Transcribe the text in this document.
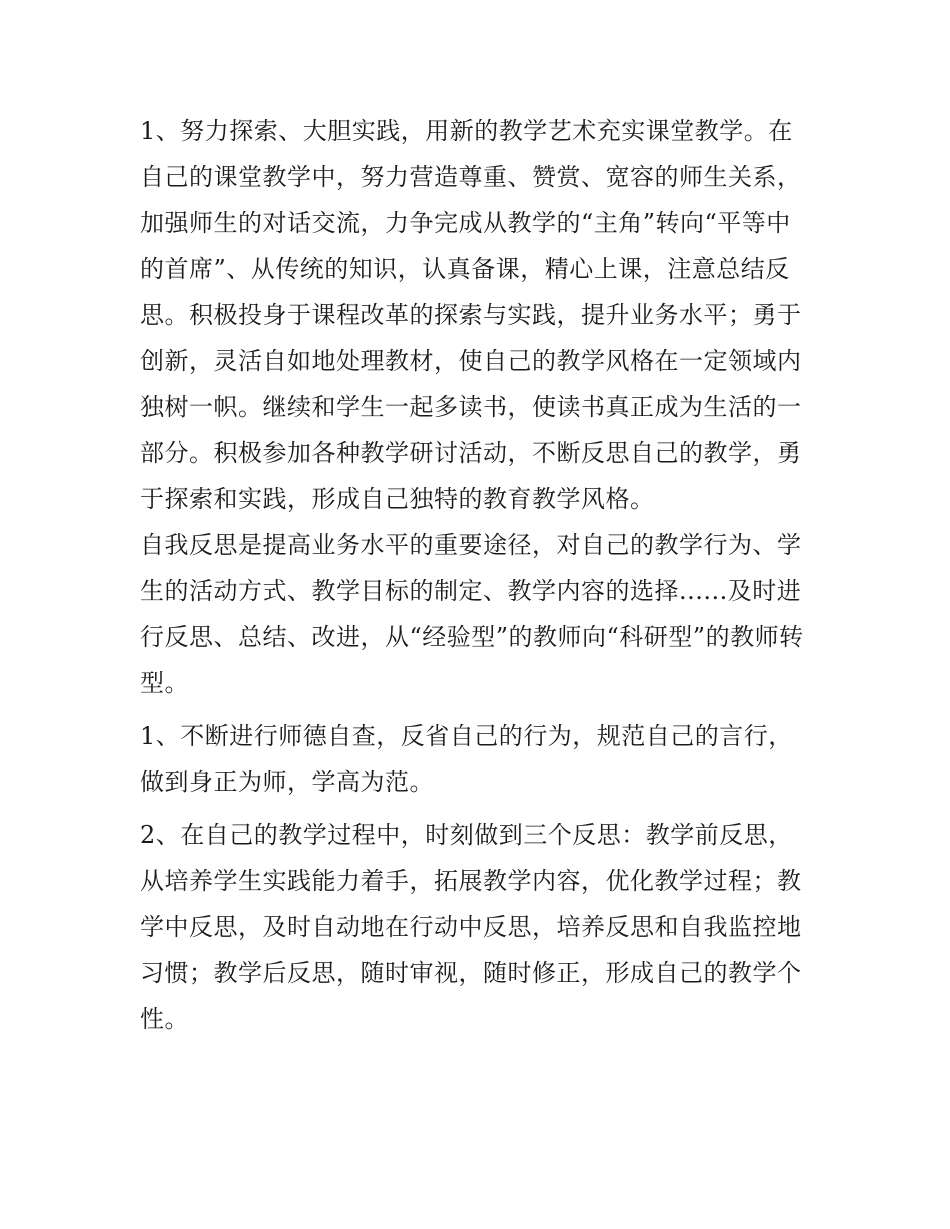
1、努力探索、大胆实践，用新的教学艺术充实课堂教学。在
自己的课堂教学中，努力营造尊重、赞赏、宽容的师生关系，
加强师生的对话交流，力争完成从教学的“主角”转向“平等中
的首席”、从传统的知识，认真备课，精心上课，注意总结反
思。积极投身于课程改革的探索与实践，提升业务水平；勇于
创新，灵活自如地处理教材，使自己的教学风格在一定领域内
独树一帜。继续和学生一起多读书，使读书真正成为生活的一
部分。积极参加各种教学研讨活动，不断反思自己的教学，勇
于探索和实践，形成自己独特的教育教学风格。
自我反思是提高业务水平的重要途径，对自己的教学行为、学
生的活动方式、教学目标的制定、教学内容的选择......及时进
行反思、总结、改进，从“经验型”的教师向“科研型”的教师转
型。
1、不断进行师德自查，反省自己的行为，规范自己的言行，
做到身正为师，学高为范。
2、在自己的教学过程中，时刻做到三个反思：教学前反思，
从培养学生实践能力着手，拓展教学内容，优化教学过程；教
学中反思，及时自动地在行动中反思，培养反思和自我监控地
习惯；教学后反思，随时审视，随时修正，形成自己的教学个
性。
